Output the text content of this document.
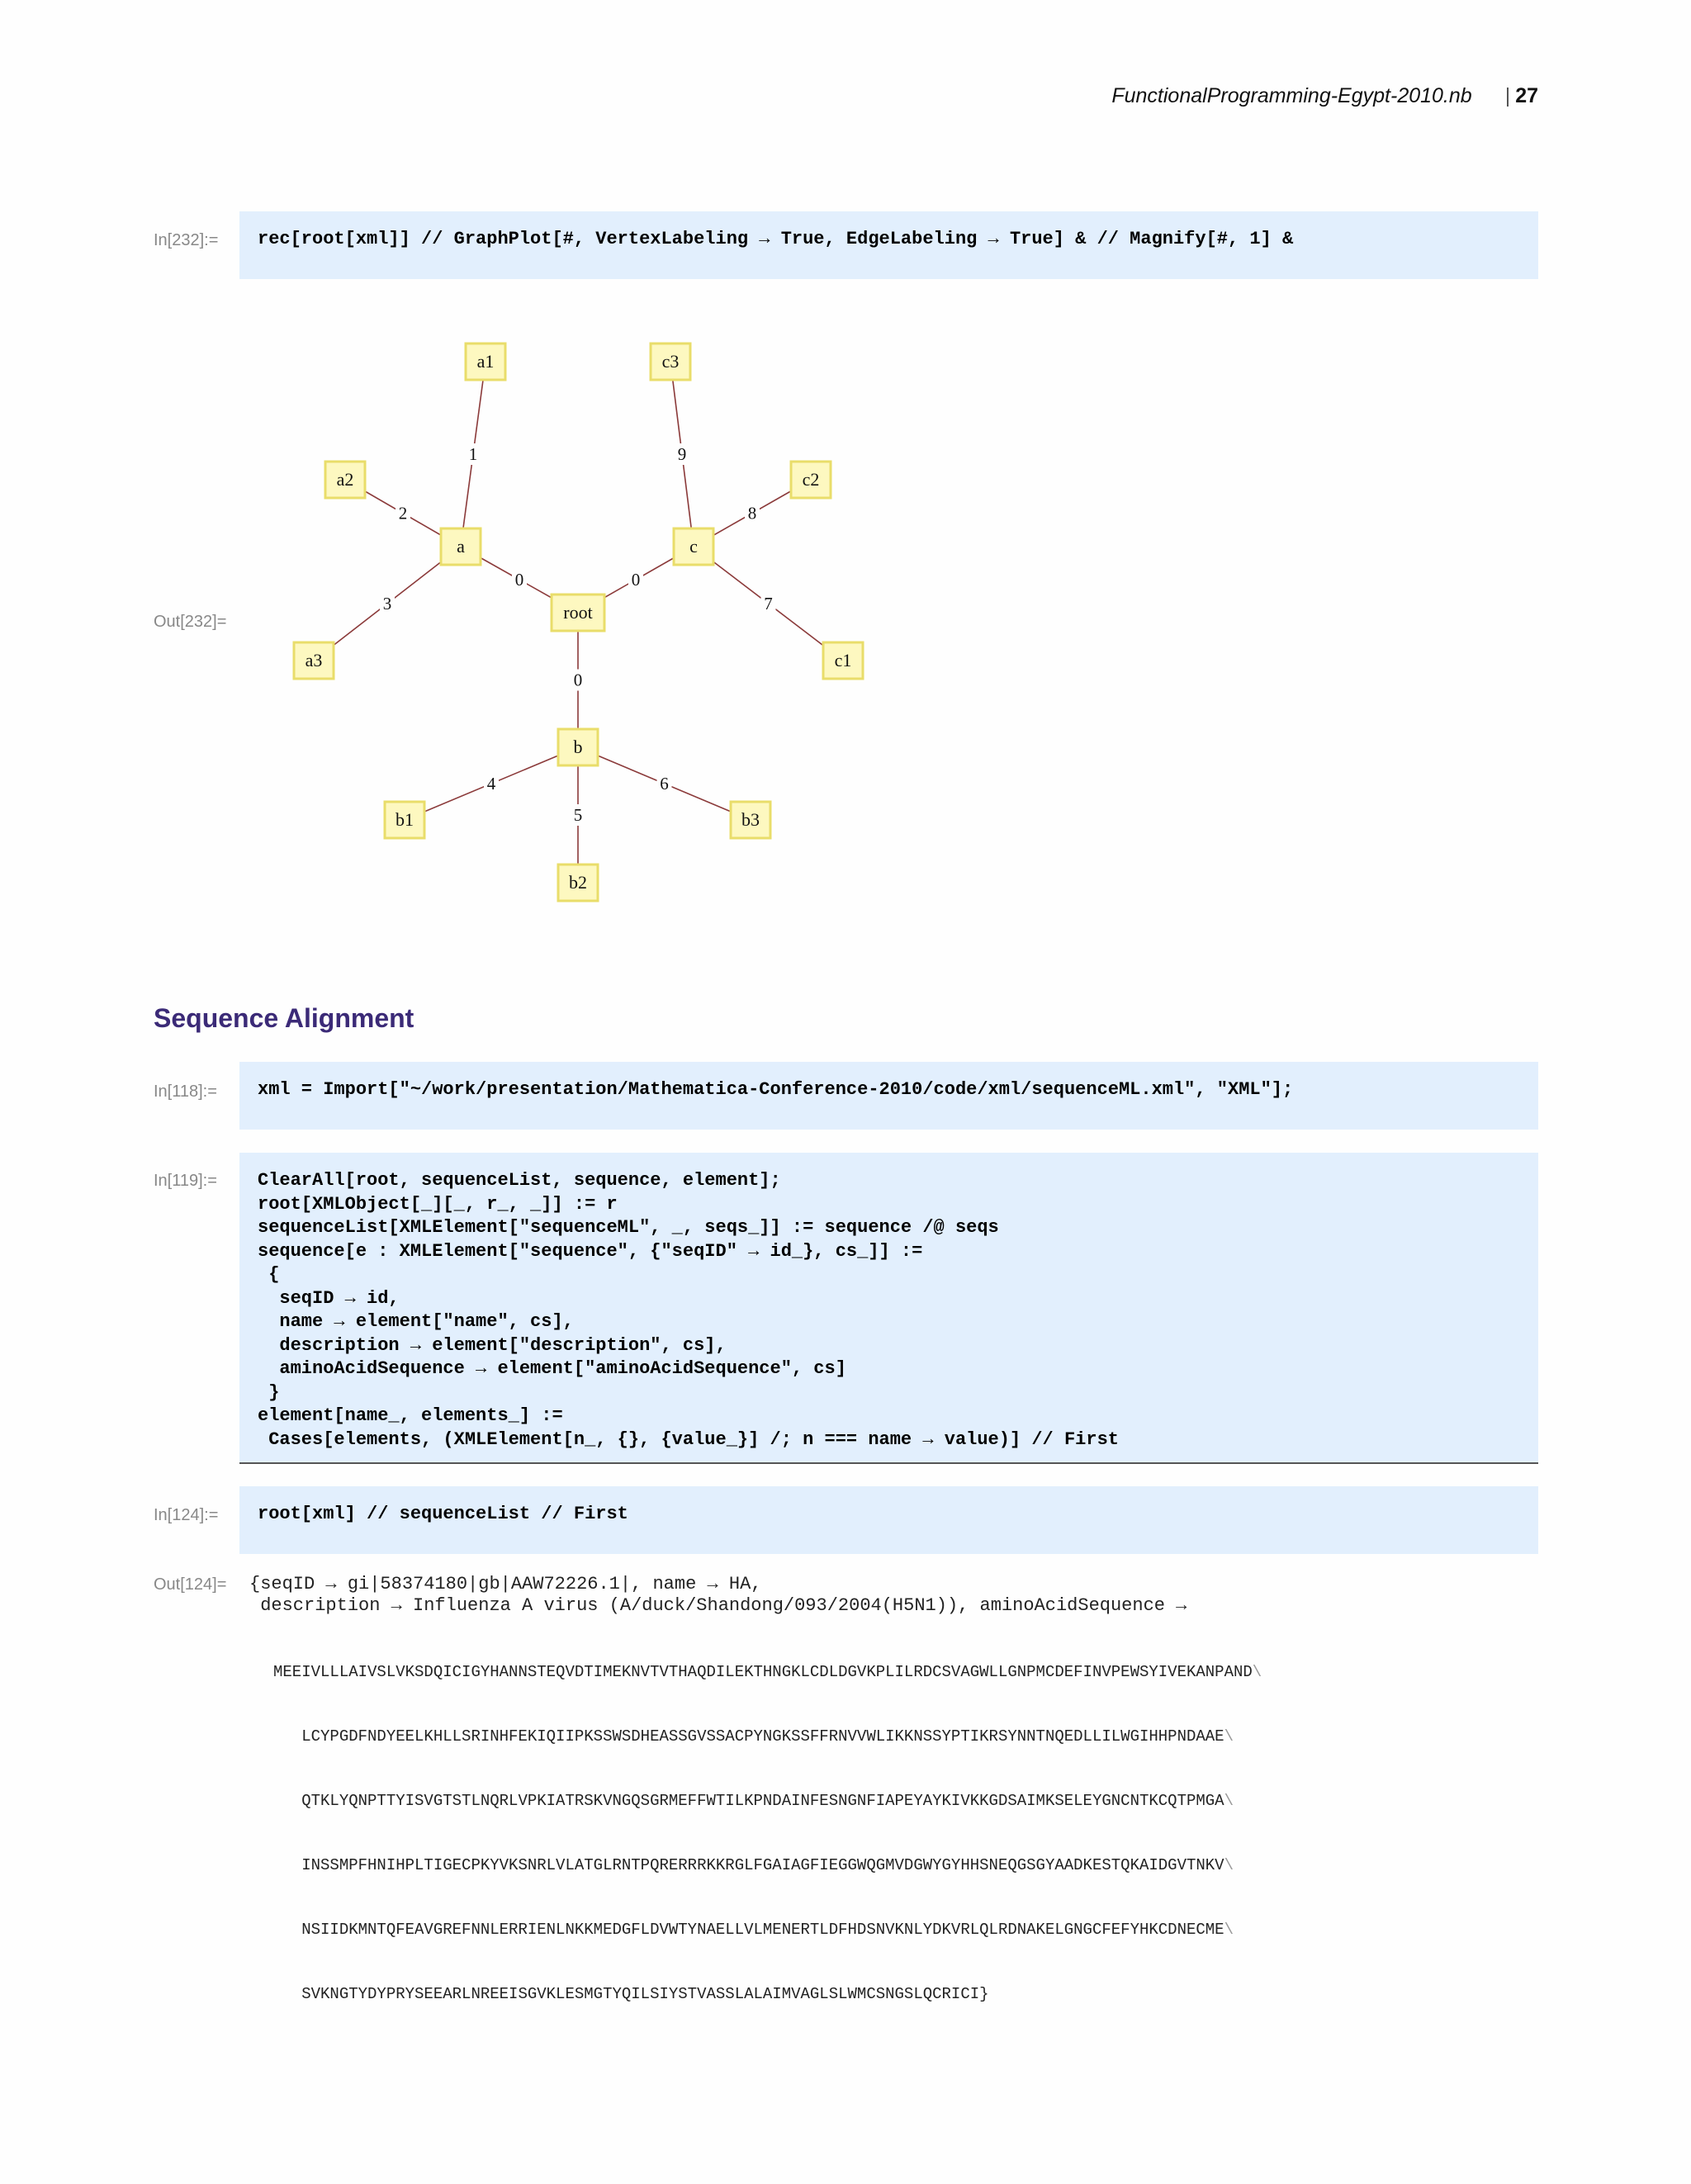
FunctionalProgramming-Egypt-2010.nb | 27
In[232]:= rec[root[xml]] // GraphPlot[#, VertexLabeling → True, EdgeLabeling → True] & // Magnify[#, 1] &
Out[232]=
0	0
0
1
2
3
4
5
6
7
8
9
a1	c3
a2	c2
a	c
root
a3	c1
b
b1	b3
b2
Sequence Alignment
In[118]:= xml = Import["~/work/presentation/Mathematica-Conference-2010/code/xml/sequenceML.xml", "XML"];
In[119]:= ClearAll[root, sequenceList, sequence, element];
root[XMLObject[_][_, r_, _]] := r
sequenceList[XMLElement["sequenceML", _, seqs_]] := sequence /@ seqs
sequence[e : XMLElement["sequence", {"seqID" → id_}, cs_]] :=
{
seqID → id,
name → element["name", cs],
description → element["description", cs],
aminoAcidSequence → element["aminoAcidSequence", cs]
}
element[name_, elements_] :=
Cases[elements, (XMLElement[n_, {}, {value_}] /; n === name → value)] // First
In[124]:= root[xml] // sequenceList // First
Out[124]= {seqID → gi|58374180|gb|AAW72226.1|, name → HA,
description → Influenza A virus (A/duck/Shandong/093/2004(H5N1)), aminoAcidSequence →

MEEIVLLLAIVSLVKSDQICIGYHANNSTEQVDTIMEKNVTVTHAQDILEKTHNGKLCDLDGVKPLILRDCSVAGWLLGNPMCDEFINVPEWSYIVEKANPAND\

LCYPGDFNDYEELKHLLSRINHFEKIQIIPKSSWSDHEASSGVSSACPYNGKSSFFRNVVWLIKKNSSYPTIKRSYNNTNQEDLLILWGIHHPNDAAE\

QTKLYQNPTTYISVGTSTLNQRLVPKIATRSKVNGQSGRMEFFWTILKPNDAINFESNGNFIAPEYAYKIVKKGDSAIMKSELEYGNCNTKCQTPMGA\

INSSMPFHNIHPLTIGECPKYVKSNRLVLATGLRNTPQRERRRKKRGLFGAIAGFIEGGWQGMVDGWYGYHHSNEQGSGYAADKESTQKAIDGVTNKV\

NSIIDKMNTQFEAVGREFNNLERRIENLNKKMEDGFLDVWTYNAELLVLMENERTLDFHDSNVKNLYDKVRLQLRDNAKELGNGCFEFYHKCDNECME\

SVKNGTYDYPRYSEEARLNREEISGVKLESMGTYQILSIYSTVASSLALAIMVAGLSLWMCSNGSLQCRICI}
